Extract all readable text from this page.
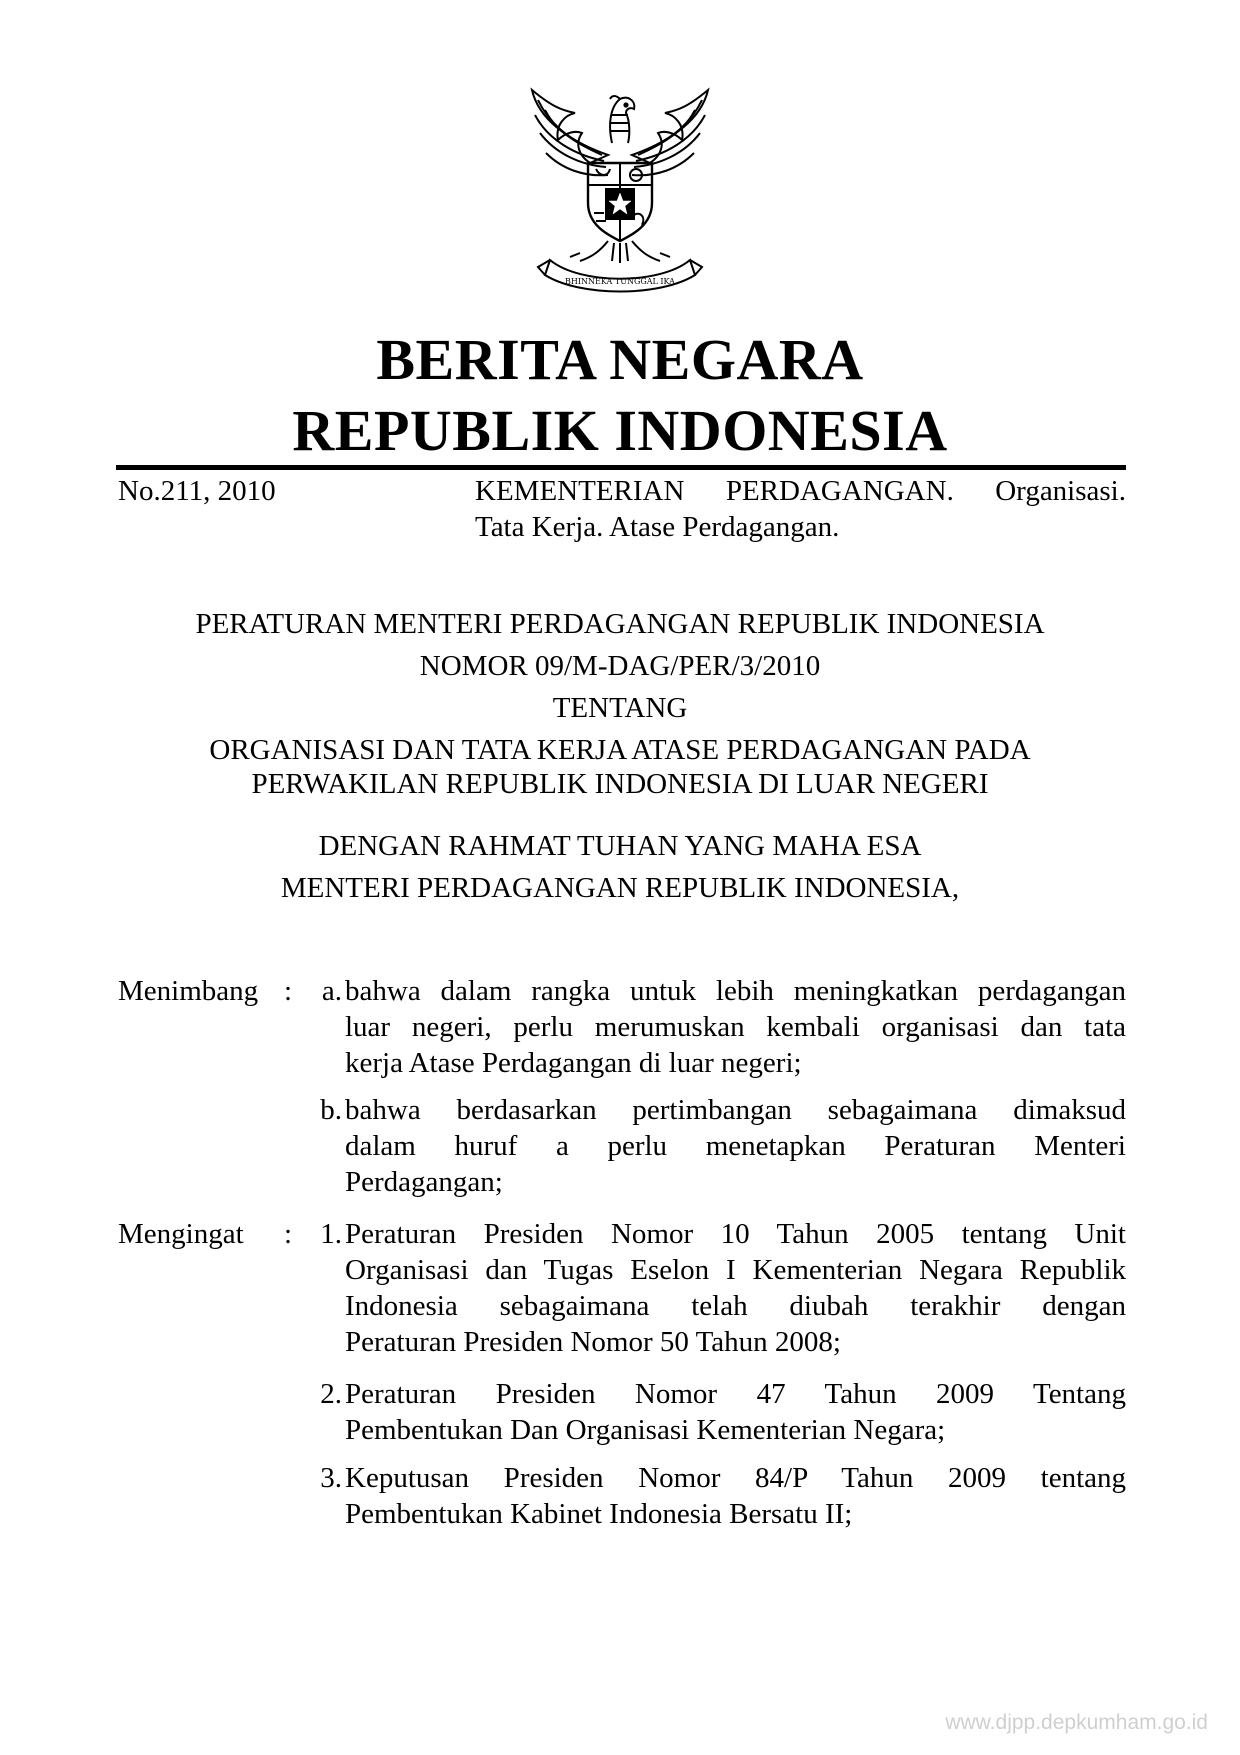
BHINNEKA TUNGGAL IKA
BERITA NEGARA
REPUBLIK INDONESIA
No.211, 2010	KEMENTERIAN  PERDAGANGAN.  Organisasi.
Tata Kerja. Atase Perdagangan.
PERATURAN MENTERI PERDAGANGAN REPUBLIK INDONESIA
NOMOR 09/M-DAG/PER/3/2010
TENTANG
ORGANISASI DAN TATA KERJA ATASE PERDAGANGAN PADA
PERWAKILAN REPUBLIK INDONESIA DI LUAR NEGERI
DENGAN RAHMAT TUHAN YANG MAHA ESA
MENTERI PERDAGANGAN REPUBLIK INDONESIA,
Menimbang :	a. bahwa dalam rangka untuk lebih meningkatkan perdagangan
luar negeri, perlu merumuskan kembali organisasi dan tata
kerja Atase Perdagangan di luar negeri;
b. bahwa berdasarkan pertimbangan sebagaimana dimaksud
dalam huruf a perlu menetapkan Peraturan Menteri
Perdagangan;
Mengingat : 1. Peraturan Presiden Nomor 10 Tahun 2005 tentang Unit
Organisasi dan Tugas Eselon I Kementerian Negara Republik
Indonesia sebagaimana telah diubah terakhir dengan
Peraturan Presiden Nomor 50 Tahun 2008;
2. Peraturan Presiden Nomor 47 Tahun 2009 Tentang
Pembentukan Dan Organisasi Kementerian Negara;
3. Keputusan Presiden Nomor 84/P Tahun 2009 tentang
Pembentukan Kabinet Indonesia Bersatu II;
www.djpp.depkumham.go.id
